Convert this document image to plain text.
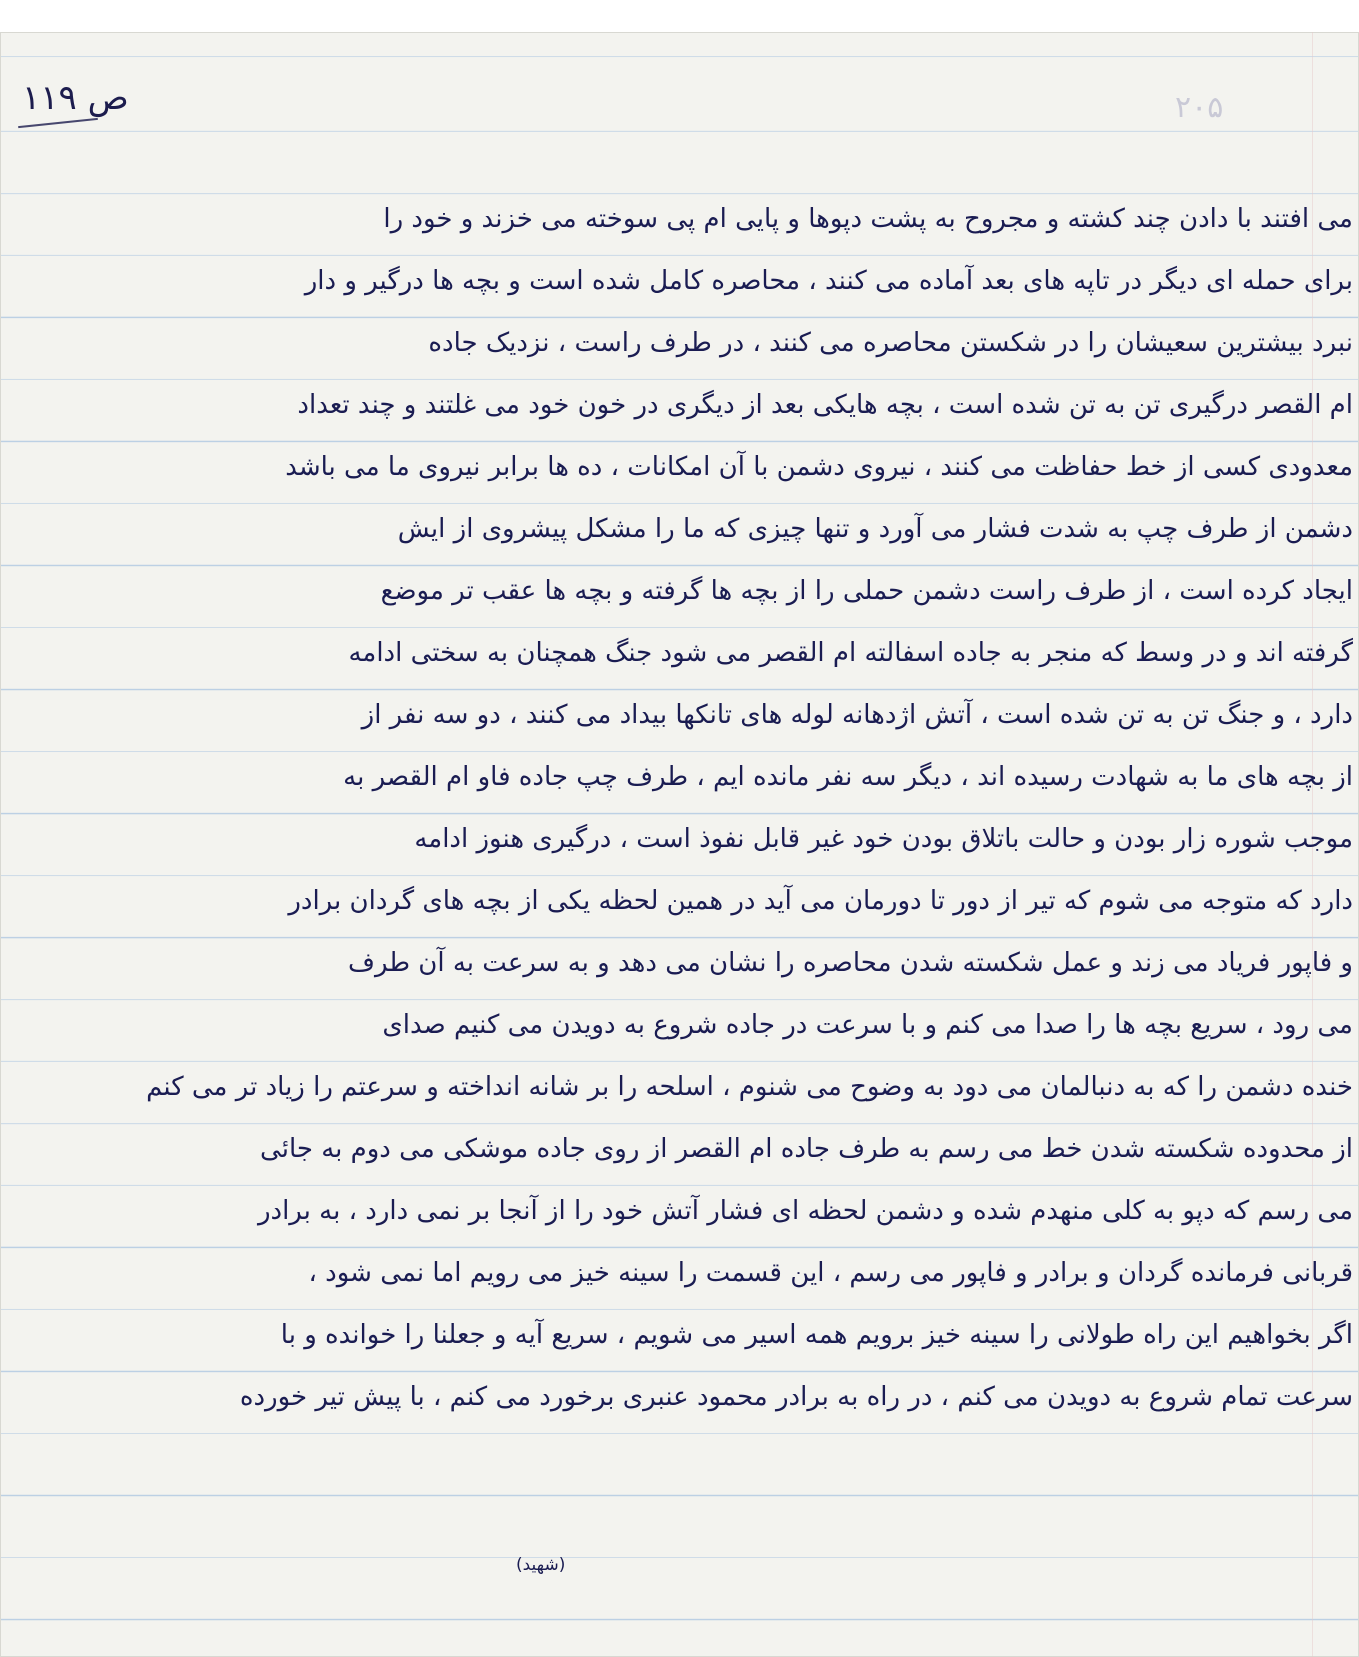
ص ۱۱۹	۲۰۵
می افتند با دادن چند کشته و مجروح به پشت دپوها و پایی ام پی سوخته می خزند و خود را
برای حمله ای دیگر در تاپه های بعد آماده می کنند ، محاصره کامل شده است و بچه ها درگیر و دار
نبرد بیشترین سعیشان را در شکستن محاصره می کنند ، در طرف راست ، نزدیک جاده
ام القصر درگیری تن به تن شده است ، بچه هایکی بعد از دیگری در خون خود می غلتند و چند تعداد
معدودی کسی از خط حفاظت می کنند ، نیروی دشمن با آن امکانات ، ده ها برابر نیروی ما می باشد
دشمن از طرف چپ به شدت فشار می آورد و تنها چیزی که ما را مشکل پیشروی از ایش
ایجاد کرده است ، از طرف راست دشمن حملی را از بچه ها گرفته و بچه ها عقب تر موضع
گرفته اند و در وسط که منجر به جاده اسفالته ام القصر می شود جنگ همچنان به سختی ادامه
دارد ، و جنگ تن به تن شده است ، آتش اژدهانه لوله های تانکها بیداد می کنند ، دو سه نفر از
از بچه های ما به شهادت رسیده اند ، دیگر سه نفر مانده ایم ، طرف چپ جاده فاو ام القصر به
موجب شوره زار بودن و حالت باتلاق بودن خود غیر قابل نفوذ است ، درگیری هنوز ادامه
دارد که متوجه می شوم که تیر از دور تا دورمان می آید در همین لحظه یکی از بچه های گردان برادر
و فاپور فریاد می زند و عمل شکسته شدن محاصره را نشان می دهد و به سرعت به آن طرف
می رود ، سریع بچه ها را صدا می کنم و با سرعت در جاده شروع به دویدن می کنیم صدای
خنده دشمن را که به دنبالمان می دود به وضوح می شنوم ، اسلحه را بر شانه انداخته و سرعتم را زیاد تر می کنم
از محدوده شکسته شدن خط می رسم به طرف جاده ام القصر از روی جاده موشکی می دوم به جائی
می رسم که دپو به کلی منهدم شده و دشمن لحظه ای فشار آتش خود را از آنجا بر نمی دارد ، به برادر
قربانی فرمانده گردان و برادر و فاپور می رسم ، این قسمت را سینه خیز می رویم اما نمی شود ،
اگر بخواهیم این راه طولانی را سینه خیز برویم همه اسیر می شویم ، سریع آیه و جعلنا را خوانده و با
سرعت تمام شروع به دویدن می کنم ، در راه به برادر محمود عنبری برخورد می کنم ، با پیش تیر خورده
(شهید)
